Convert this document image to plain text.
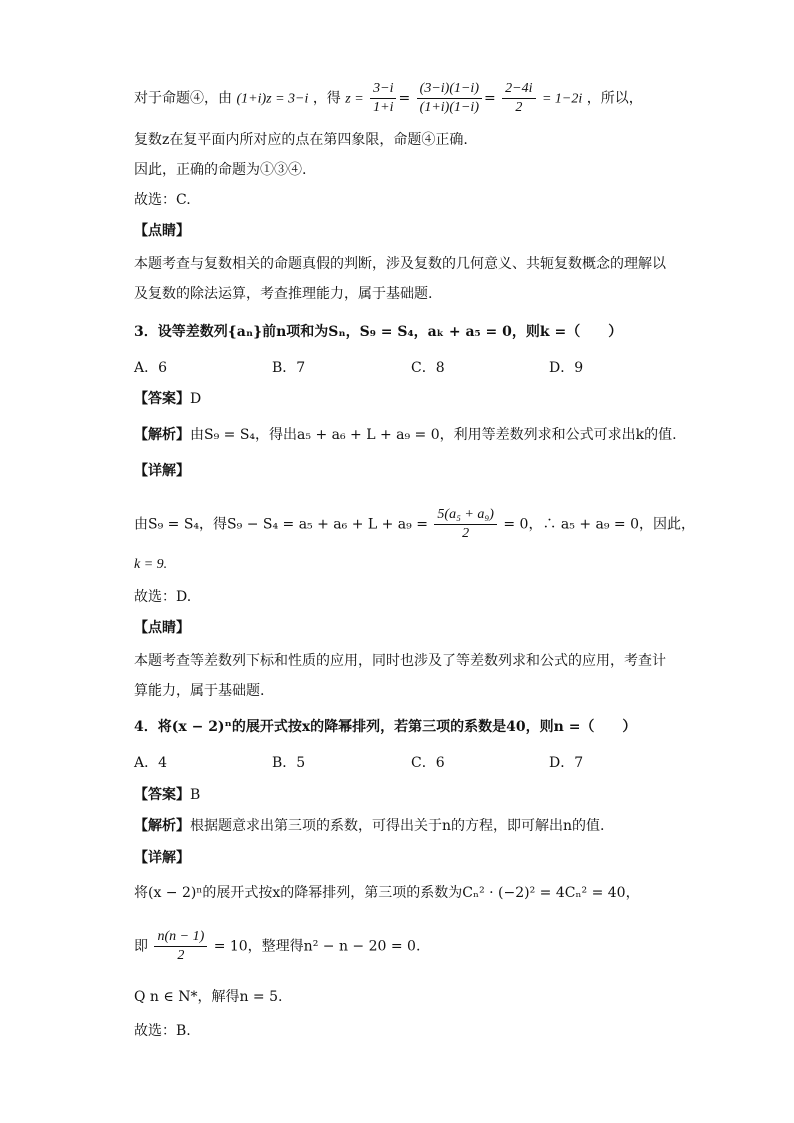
对于命题④，由 (1+i)z = 3−i ，得 $z = \frac{3-i}{1+i} = \frac{(3-i)(1-i)}{(1+i)(1-i)} = \frac{2-4i}{2} = 1-2i$ ，所以，
复数z在复平面内所对应的点在第四象限，命题④正确.
因此，正确的命题为①③④.
故选：C.
【点睛】
本题考查与复数相关的命题真假的判断，涉及复数的几何意义、共轭复数概念的理解以
及复数的除法运算，考查推理能力，属于基础题.
3．设等差数列{aₙ}前n项和为Sₙ，S₉ = S₄，aₖ + a₅ = 0，则k =（　　）
A．6	B．7	C．8	D．9
【答案】D
【解析】由S₉ = S₄，得出a₅ + a₆ + L + a₉ = 0，利用等差数列求和公式可求出k的值.
【详解】
由S₉ = S₄，得$S_9 - S_4 = a_5 + a_6 + L + a_9 = \frac{\text{5(a₅ + a₉)}}{2} = 0$，∴ a₅ + a₉ = 0，因此，
k = 9.
故选：D.
【点睛】
本题考查等差数列下标和性质的应用，同时也涉及了等差数列求和公式的应用，考查计
算能力，属于基础题.
4．将(x − 2)ⁿ的展开式按x的降幂排列，若第三项的系数是40，则n =（　　）
A．4	B．5	C．6	D．7
【答案】B
【解析】根据题意求出第三项的系数，可得出关于n的方程，即可解出n的值.
【详解】
将(x − 2)ⁿ的展开式按x的降幂排列，第三项的系数为Cₙ² · (−2)² = 4Cₙ² = 40，
即 $\frac{n(n - 1)}{2} = 10$，整理得n² − n − 20 = 0.
Q n ∈ N*，解得n = 5.
故选：B.
